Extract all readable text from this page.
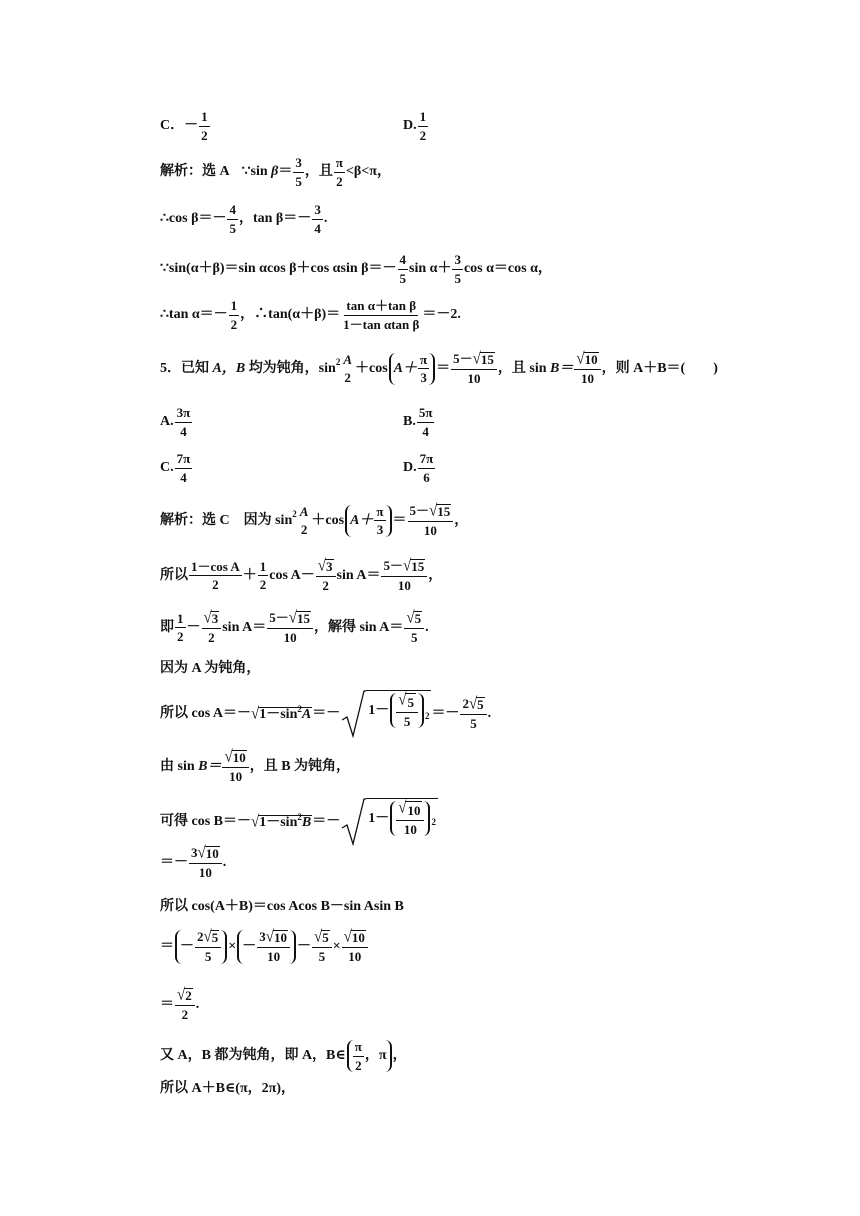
C． － $\frac{1}{2}$	D. $\frac{1}{2}$
解析：选 A ∵sin
$\beta = \frac{3}{5}$ ，且 $\frac{\pi}{2} <\beta<\pi$，
∴cos
$\beta=- \frac{4}{5}$ ，tan
$\beta=- \frac{3}{4}$ .
∵sin(α＋β)＝sin αcos β＋cos αsin $\beta=- \frac{4}{5}$ $\sin \alpha+ \frac{3}{5}$ cos α＝cos α，
∴tan $\alpha=- \frac{1}{2}$ ，∴tan(α＋β)＝ $\frac{\text{tan α＋tan β}}{\text{1－tan αtan β}} =-2$.
5．已知
A，B
均为钝角，sin 2 A
2
＋cos $A+ \frac{\pi}{3} = \frac{5- √ 15}{10}$ ，且 sin
$B= \frac{√ 10}{10}$ ，则 A＋B＝(　　)
A. $\frac{3\pi}{4}$	B. $\frac{5\pi}{4}$
C. $\frac{7\pi}{4}$	D. $\frac{7\pi}{6}$
解析：选 C　因为 sin 2 A
2
＋cos $A+ \frac{\pi}{3} = \frac{5- √ 15}{10}$ ，
所以 $\frac{\text{1－cos A}}{2} + \frac{1}{2}$ $\cos A- \frac{√ 3}{2}$ $\sin A= \frac{5- √ 15}{10}$ ，
即 $\frac{1}{2} - \frac{√ 3}{2}$ $\sin A= \frac{5- √ 15}{10}$ ，解得 $\sin A= \frac{√ 5}{5}$ .
因为 A 为钝角，
所以 cos A＝－ √ $1-\sin^2A =- 1- \frac{√ 5}{5} 2 =- \frac{2 √ 5}{5}$ .
由 sin
$B= \frac{√ 10}{10}$ ，且 B 为钝角，
可得 cos B＝－ √ $1-\sin^2B =- 1- \frac{√ 10}{10} 2$
＝－ $\frac{3 √ 10}{10}$ .
所以 cos(A＋B)＝cos Acos B－sin Asin B
＝ － $\frac{2 √ 5}{5}$ × － $\frac{3 √ 10}{10} - \frac{√ 5}{5} \times \frac{√ 10}{10}$
＝ $\frac{√ 2}{2}$ .
又 A，B 都为钝角，即 A，B∈ $\frac{\pi}{2}$ ，π ，
所以 A＋B∈(π，2π)，
